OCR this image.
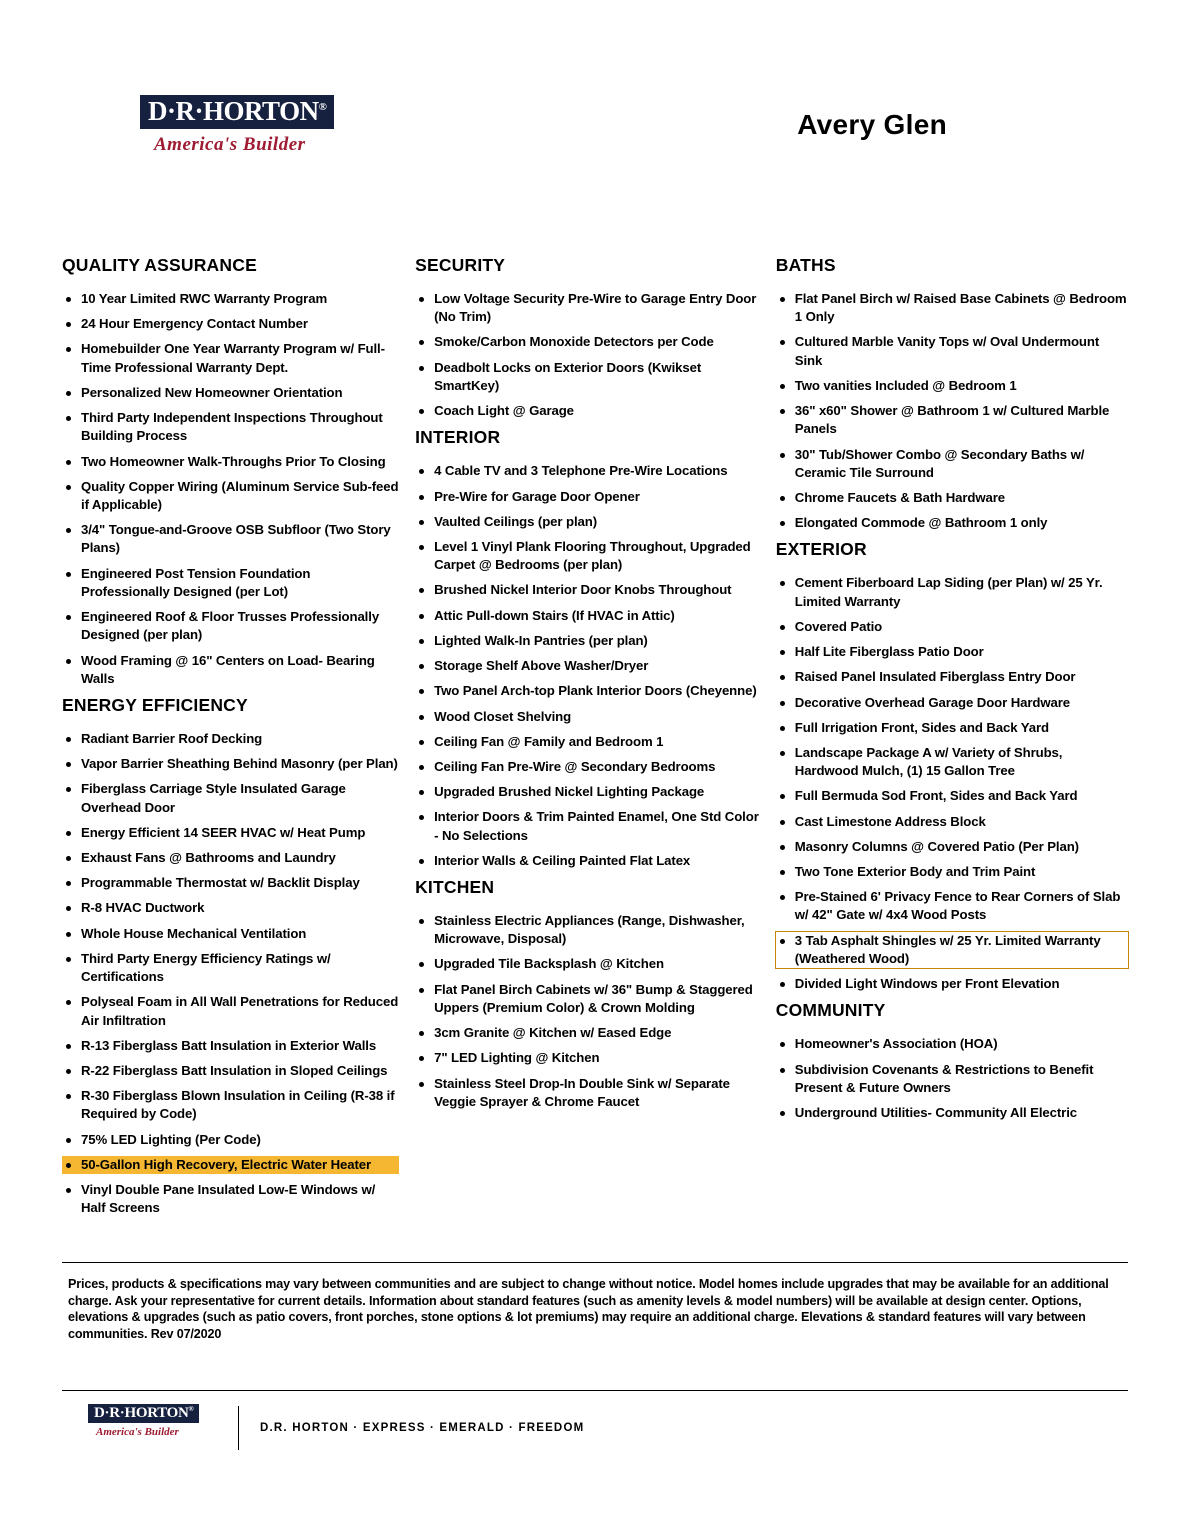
D·R·HORTON®
America's Builder
Avery Glen
QUALITY ASSURANCE
10 Year Limited RWC Warranty Program
24 Hour Emergency Contact Number
Homebuilder One Year Warranty Program w/ Full-Time Professional Warranty Dept.
Personalized New Homeowner Orientation
Third Party Independent Inspections Throughout Building Process
Two Homeowner Walk-Throughs Prior To Closing
Quality Copper Wiring (Aluminum Service Sub-feed if Applicable)
3/4" Tongue-and-Groove OSB Subfloor (Two Story Plans)
Engineered Post Tension Foundation Professionally Designed (per Lot)
Engineered Roof & Floor Trusses Professionally Designed (per plan)
Wood Framing @ 16" Centers on Load- Bearing Walls
ENERGY EFFICIENCY
Radiant Barrier Roof Decking
Vapor Barrier Sheathing Behind Masonry (per Plan)
Fiberglass Carriage Style Insulated Garage Overhead Door
Energy Efficient 14 SEER HVAC w/ Heat Pump
Exhaust Fans @ Bathrooms and Laundry
Programmable Thermostat w/ Backlit Display
R-8 HVAC Ductwork
Whole House Mechanical Ventilation
Third Party Energy Efficiency Ratings w/ Certifications
Polyseal Foam in All Wall Penetrations for Reduced Air Infiltration
R-13 Fiberglass Batt Insulation in Exterior Walls
R-22 Fiberglass Batt Insulation in Sloped Ceilings
R-30 Fiberglass Blown Insulation in Ceiling (R-38 if Required by Code)
75% LED Lighting (Per Code)
50-Gallon High Recovery, Electric Water Heater
Vinyl Double Pane Insulated Low-E Windows w/ Half Screens
SECURITY
Low Voltage Security Pre-Wire to Garage Entry Door (No Trim)
Smoke/Carbon Monoxide Detectors per Code
Deadbolt Locks on Exterior Doors (Kwikset SmartKey)
Coach Light @ Garage
INTERIOR
4 Cable TV and 3 Telephone Pre-Wire Locations
Pre-Wire for Garage Door Opener
Vaulted Ceilings (per plan)
Level 1 Vinyl Plank Flooring Throughout, Upgraded Carpet @ Bedrooms (per plan)
Brushed Nickel Interior Door Knobs Throughout
Attic Pull-down Stairs (If HVAC in Attic)
Lighted Walk-In Pantries (per plan)
Storage Shelf Above Washer/Dryer
Two Panel Arch-top Plank Interior Doors (Cheyenne)
Wood Closet Shelving
Ceiling Fan @ Family and Bedroom 1
Ceiling Fan Pre-Wire @ Secondary Bedrooms
Upgraded Brushed Nickel Lighting Package
Interior Doors & Trim Painted Enamel, One Std Color - No Selections
Interior Walls & Ceiling Painted Flat Latex
KITCHEN
Stainless Electric Appliances (Range, Dishwasher, Microwave, Disposal)
Upgraded Tile Backsplash @ Kitchen
Flat Panel Birch Cabinets w/ 36" Bump & Staggered Uppers (Premium Color) & Crown Molding
3cm Granite @ Kitchen w/ Eased Edge
7" LED Lighting @ Kitchen
Stainless Steel Drop-In Double Sink w/ Separate Veggie Sprayer & Chrome Faucet
BATHS
Flat Panel Birch w/ Raised Base Cabinets @ Bedroom 1 Only
Cultured Marble Vanity Tops w/ Oval Undermount Sink
Two vanities Included @ Bedroom 1
36" x60" Shower @ Bathroom 1 w/ Cultured Marble Panels
30" Tub/Shower Combo @ Secondary Baths w/ Ceramic Tile Surround
Chrome Faucets & Bath Hardware
Elongated Commode @ Bathroom 1 only
EXTERIOR
Cement Fiberboard Lap Siding (per Plan) w/ 25 Yr. Limited Warranty
Covered Patio
Half Lite Fiberglass Patio Door
Raised Panel Insulated Fiberglass Entry Door
Decorative Overhead Garage Door Hardware
Full Irrigation Front, Sides and Back Yard
Landscape Package A w/ Variety of Shrubs, Hardwood Mulch, (1) 15 Gallon Tree
Full Bermuda Sod Front, Sides and Back Yard
Cast Limestone Address Block
Masonry Columns @ Covered Patio (Per Plan)
Two Tone Exterior Body and Trim Paint
Pre-Stained 6' Privacy Fence to Rear Corners of Slab w/ 42" Gate w/ 4x4 Wood Posts
3 Tab Asphalt Shingles w/ 25 Yr. Limited Warranty (Weathered Wood)
Divided Light Windows per Front Elevation
COMMUNITY
Homeowner's Association (HOA)
Subdivision Covenants & Restrictions to Benefit Present & Future Owners
Underground Utilities- Community All Electric
Prices, products & specifications may vary between communities and are subject to change without notice. Model homes include upgrades that may be available for an additional charge. Ask your representative for current details. Information about standard features (such as amenity levels & model numbers) will be available at design center. Options, elevations & upgrades (such as patio covers, front porches, stone options & lot premiums) may require an additional charge. Elevations & standard features will vary between communities. Rev 07/2020
D·R·HORTON®
America's Builder	D.R. HORTON · EXPRESS · EMERALD · FREEDOM
